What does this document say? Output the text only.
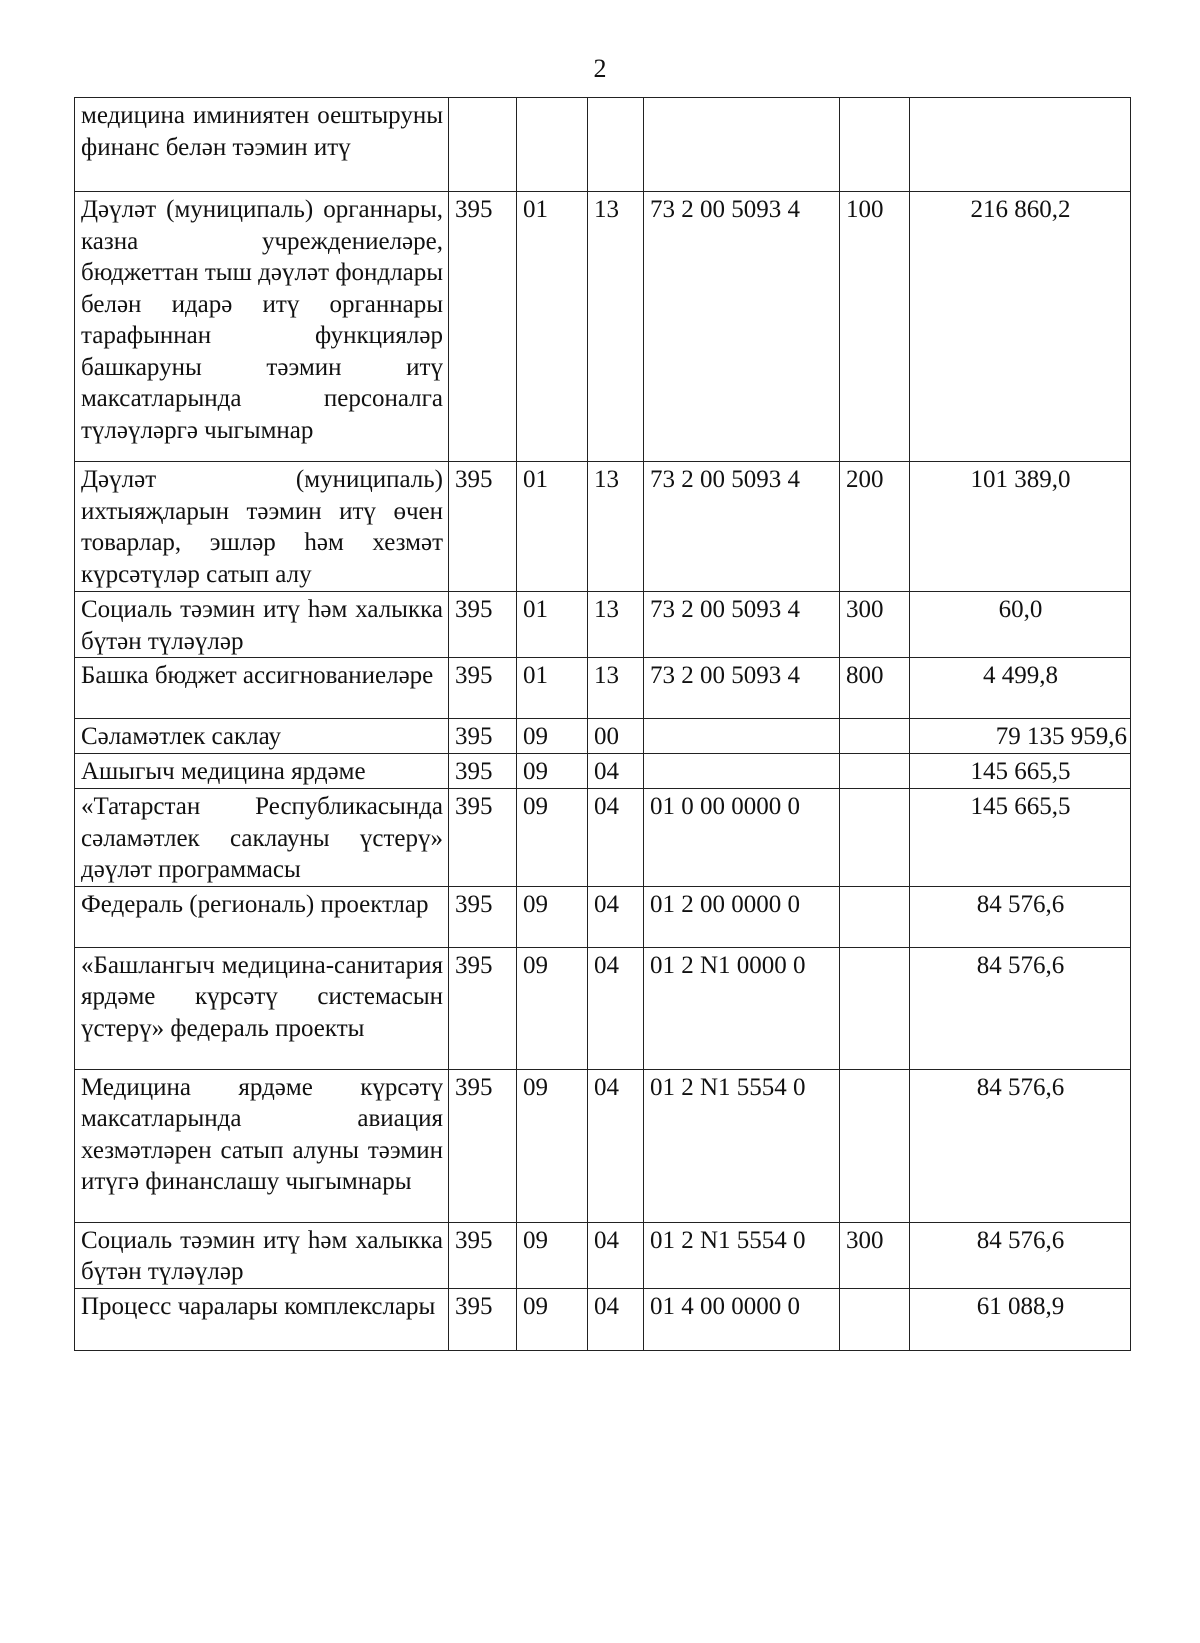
2
медицина иминиятен оештыруны финанс белән тәэмин итү						
Дәүләт (муниципаль) органнары, казна учреждениеләре, бюджеттан тыш дәүләт фондлары белән идарә итү органнары тарафыннан функцияләр башкаруны тәэмин итү максатларында персоналга түләүләргә чыгымнар	395	01	13	73 2 00 5093 4	100	216 860,2
Дәүләт (муниципаль) ихтыяҗларын тәэмин итү өчен товарлар, эшләр һәм хезмәт күрсәтүләр сатып алу	395	01	13	73 2 00 5093 4	200	101 389,0
Социаль тәэмин итү һәм халыкка бүтән түләүләр	395	01	13	73 2 00 5093 4	300	60,0
Башка бюджет ассигнованиеләре	395	01	13	73 2 00 5093 4	800	4 499,8
Сәламәтлек саклау	395	09	00			79 135 959,6
Ашыгыч медицина ярдәме	395	09	04			145 665,5
«Татарстан Республикасында сәламәтлек саклауны үстерү» дәүләт программасы	395	09	04	01 0 00 0000 0		145 665,5
Федераль (региональ) проектлар	395	09	04	01 2 00 0000 0		84 576,6
«Башлангыч медицина-санитария ярдәме күрсәтү системасын үстерү» федераль проекты	395	09	04	01 2 N1 0000 0		84 576,6
Медицина ярдәме күрсәтү максатларында авиация хезмәтләрен сатып алуны тәэмин итүгә финанслашу чыгымнары	395	09	04	01 2 N1 5554 0		84 576,6
Социаль тәэмин итү һәм халыкка бүтән түләүләр	395	09	04	01 2 N1 5554 0	300	84 576,6
Процесс чаралары комплекслары	395	09	04	01 4 00 0000 0		61 088,9
